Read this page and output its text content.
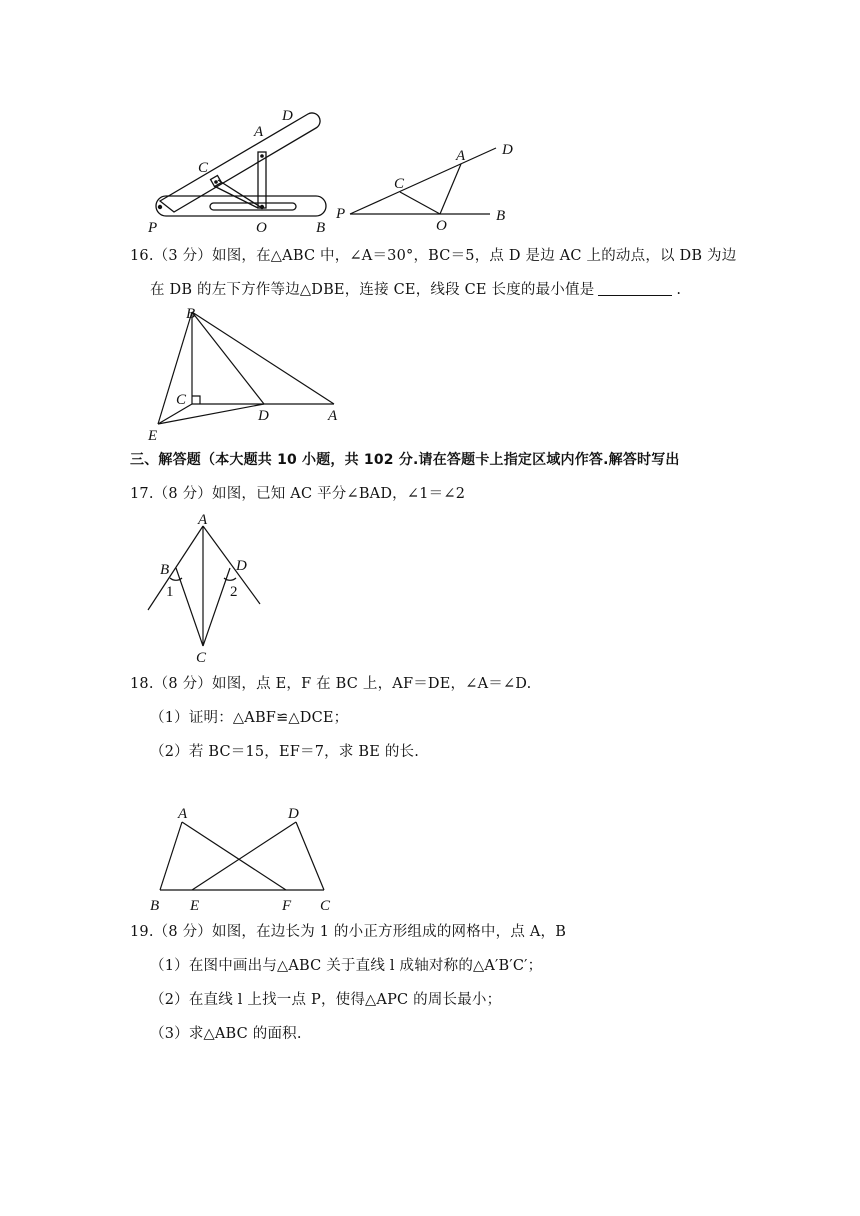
D
A
C
P	O	B
D
A
C
P
O
B
16.（3 分）如图，在△ABC 中，∠A＝30°，BC＝5，点 D 是边 AC 上的动点，以 DB 为边
在 DB 的左下方作等边△DBE，连接 CE，线段 CE 长度的最小值是	.
B
C
D	A
E
三、解答题（本大题共 10 小题，共 102 分.请在答题卡上指定区域内作答.解答时写出
17.（8 分）如图，已知 AC 平分∠BAD，∠1＝∠2
A
B	D
C
1	2
18.（8 分）如图，点 E，F 在 BC 上，AF＝DE，∠A＝∠D.
（1）证明：△ABF≌△DCE；
（2）若 BC＝15，EF＝7，求 BE 的长.
A	D
B E	F C
19.（8 分）如图，在边长为 1 的小正方形组成的网格中，点 A，B
（1）在图中画出与△ABC 关于直线 l 成轴对称的△A′B′C′；
（2）在直线 l 上找一点 P，使得△APC 的周长最小；
（3）求△ABC 的面积.
